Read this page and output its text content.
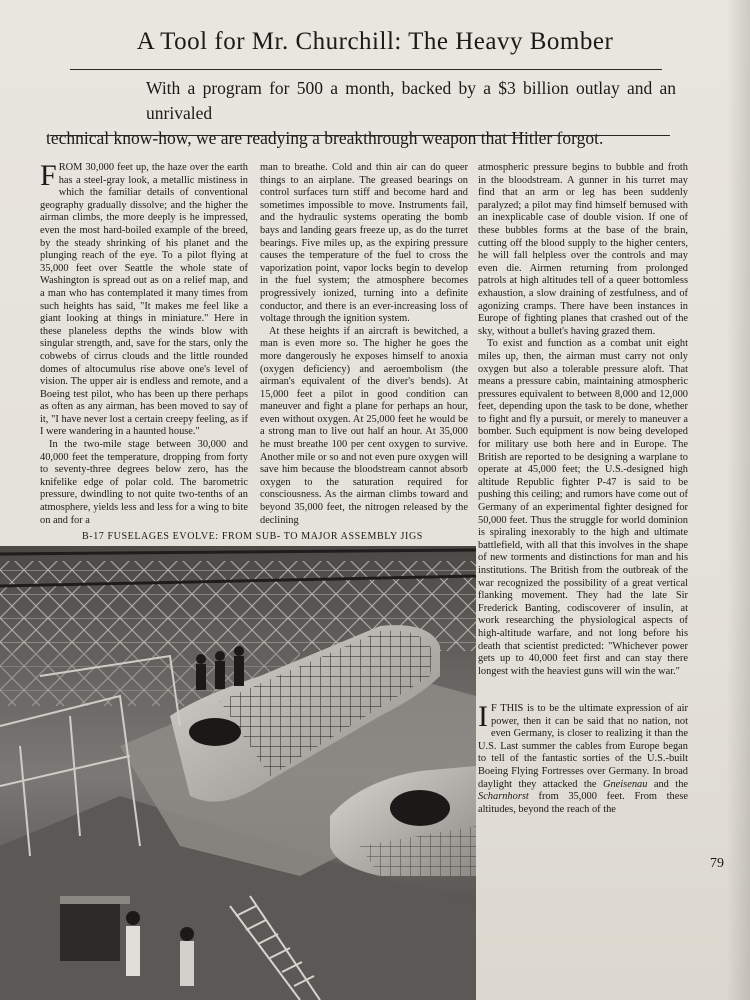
A Tool for Mr. Churchill: The Heavy Bomber
With a program for 500 a month, backed by a $3 billion outlay and an unrivaled
technical know-how, we are readying a breakthrough weapon that Hitler forgot.

FROM 30,000 feet up, the haze over the earth has a steel-gray look, a metallic mistiness in which the familiar details of conventional geography gradually dissolve; and the higher the airman climbs, the more deeply is he impressed, even the most hard-boiled example of the breed, by the steady shrinking of his planet and the plunging reach of the eye. To a pilot flying at 35,000 feet over Seattle the whole state of Washington is spread out as on a relief map, and a man who has contemplated it many times from such heights has said, "It makes me feel like a giant looking at things in miniature." Here in these planeless depths the winds blow with singular strength, and, save for the stars, only the cobwebs of cirrus clouds and the little rounded domes of altocumulus rise above one's level of vision. The upper air is endless and remote, and a Boeing test pilot, who has been up there perhaps as often as any airman, has been moved to say of it, "I have never lost a certain creepy feeling, as if I were wandering in a haunted house."

In the two-mile stage between 30,000 and 40,000 feet the temperature, dropping from forty to seventy-three degrees below zero, has the knifelike edge of polar cold. The barometric pressure, dwindling to not quite two-tenths of an atmosphere, yields less and less for a wing to bite on and for a

man to breathe. Cold and thin air can do queer things to an airplane. The greased bearings on control surfaces turn stiff and become hard and sometimes impossible to move. Instruments fail, and the hydraulic systems operating the bomb bays and landing gears freeze up, as do the turret bearings. Five miles up, as the expiring pressure causes the temperature of the fuel to cross the vaporization point, vapor locks begin to develop in the fuel system; the atmosphere becomes progressively ionized, turning into a definite conductor, and there is an ever-increasing loss of voltage through the ignition system.

At these heights if an aircraft is bewitched, a man is even more so. The higher he goes the more dangerously he exposes himself to anoxia (oxygen deficiency) and aeroembolism (the airman's equivalent of the diver's bends). At 15,000 feet a pilot in good condition can maneuver and fight a plane for perhaps an hour, even without oxygen. At 25,000 feet he would be a strong man to live out half an hour. At 35,000 he must breathe 100 per cent oxygen to survive. Another mile or so and not even pure oxygen will save him because the bloodstream cannot absorb oxygen to the saturation required for consciousness. As the airman climbs toward and beyond 35,000 feet, the nitrogen released by the declining

atmospheric pressure begins to bubble and froth in the bloodstream. A gunner in his turret may find that an arm or leg has been suddenly paralyzed; a pilot may find himself bemused with an inexplicable case of double vision. If one of these bubbles forms at the base of the brain, cutting off the blood supply to the higher centers, he will fall helpless over the controls and may even die. Airmen returning from prolonged patrols at high altitudes tell of a queer bottomless exhaustion, a slow draining of zestfulness, and of agonizing cramps. There have been instances in Europe of fighting planes that crashed out of the sky, without a bullet's having grazed them.

To exist and function as a combat unit eight miles up, then, the airman must carry not only oxygen but also a tolerable pressure aloft. That means a pressure cabin, maintaining atmospheric pressures equivalent to between 8,000 and 12,000 feet, depending upon the task to be done, whether to fight and fly a pursuit, or merely to maneuver a bomber. Such equipment is now being developed for military use both here and in Europe. The British are reported to be designing a warplane to operate at 45,000 feet; the U.S.-designed high altitude Republic fighter P-47 is said to be pushing this ceiling; and rumors have come out of Germany of an experimental fighter designed for 50,000 feet. Thus the struggle for world dominion is spiraling inexorably to the high and ultimate battlefield, with all that this involves in the shape of new torments and distinctions for man and his institutions. The British from the outbreak of the war recognized the possibility of a great vertical flanking movement. They had the late Sir Frederick Banting, codiscoverer of insulin, at work researching the physiological aspects of high-altitude warfare, and not long before his death that scientist predicted: "Whichever power gets up to 40,000 feet first and can stay there longest with the heaviest guns will win the war."

I F THIS is to be the ultimate expression of air power, then it can be said that no nation, not even Germany, is closer to realizing it than the U.S. Last summer the cables from Europe began to tell of the fantastic sorties of the U.S.-built Boeing Flying Fortresses over Germany. In broad daylight they attacked the Gneisenau and the Scharnhorst from 35,000 feet. From these altitudes, beyond the reach of the

B-17 FUSELAGES EVOLVE: FROM SUB- TO MAJOR ASSEMBLY JIGS
79
